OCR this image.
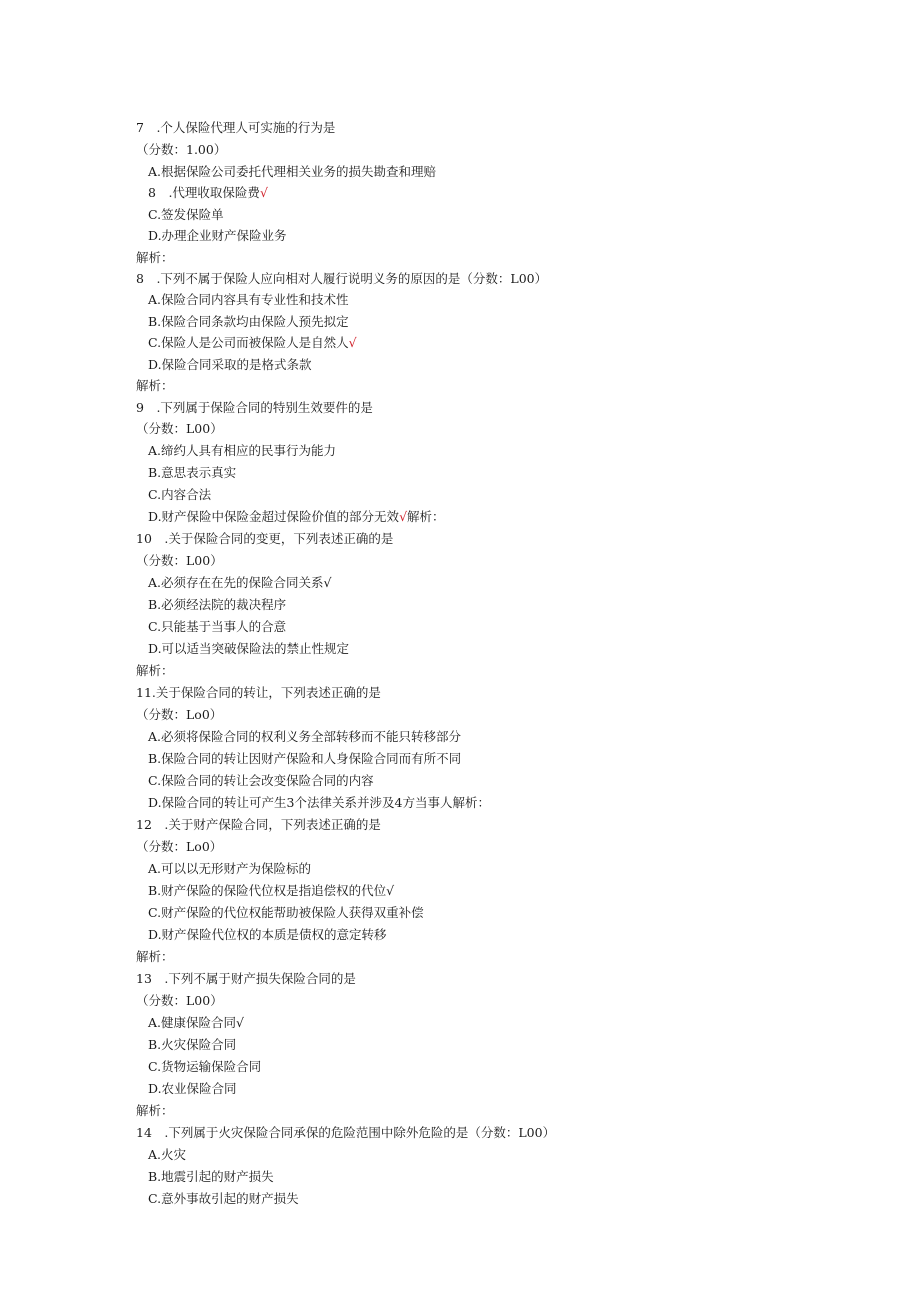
7　.个人保险代理人可实施的行为是
（分数：1.00）
A.根据保险公司委托代理相关业务的损失勘查和理赔
8　.代理收取保险费√
C.签发保险单
D.办理企业财产保险业务
解析：
8　.下列不属于保险人应向相对人履行说明义务的原因的是（分数：L00）
A.保险合同内容具有专业性和技术性
B.保险合同条款均由保险人预先拟定
C.保险人是公司而被保险人是自然人√
D.保险合同采取的是格式条款
解析：
9　.下列属于保险合同的特别生效要件的是
（分数：L00）
A.缔约人具有相应的民事行为能力
B.意思表示真实
C.内容合法
D.财产保险中保险金超过保险价值的部分无效√解析：
10　.关于保险合同的变更，下列表述正确的是
（分数：L00）
A.必须存在在先的保险合同关系√
B.必须经法院的裁决程序
C.只能基于当事人的合意
D.可以适当突破保险法的禁止性规定
解析：
11.关于保险合同的转让，下列表述正确的是
（分数：Lo0）
A.必须将保险合同的权利义务全部转移而不能只转移部分
B.保险合同的转让因财产保险和人身保险合同而有所不同
C.保险合同的转让会改变保险合同的内容
D.保险合同的转让可产生3个法律关系并涉及4方当事人解析：
12　.关于财产保险合同，下列表述正确的是
（分数：Lo0）
A.可以以无形财产为保险标的
B.财产保险的保险代位权是指追偿权的代位√
C.财产保险的代位权能帮助被保险人获得双重补偿
D.财产保险代位权的本质是债权的意定转移
解析：
13　.下列不属于财产损失保险合同的是
（分数：L00）
A.健康保险合同√
B.火灾保险合同
C.货物运输保险合同
D.农业保险合同
解析：
14　.下列属于火灾保险合同承保的危险范围中除外危险的是（分数：L00）
A.火灾
B.地震引起的财产损失
C.意外事故引起的财产损失
